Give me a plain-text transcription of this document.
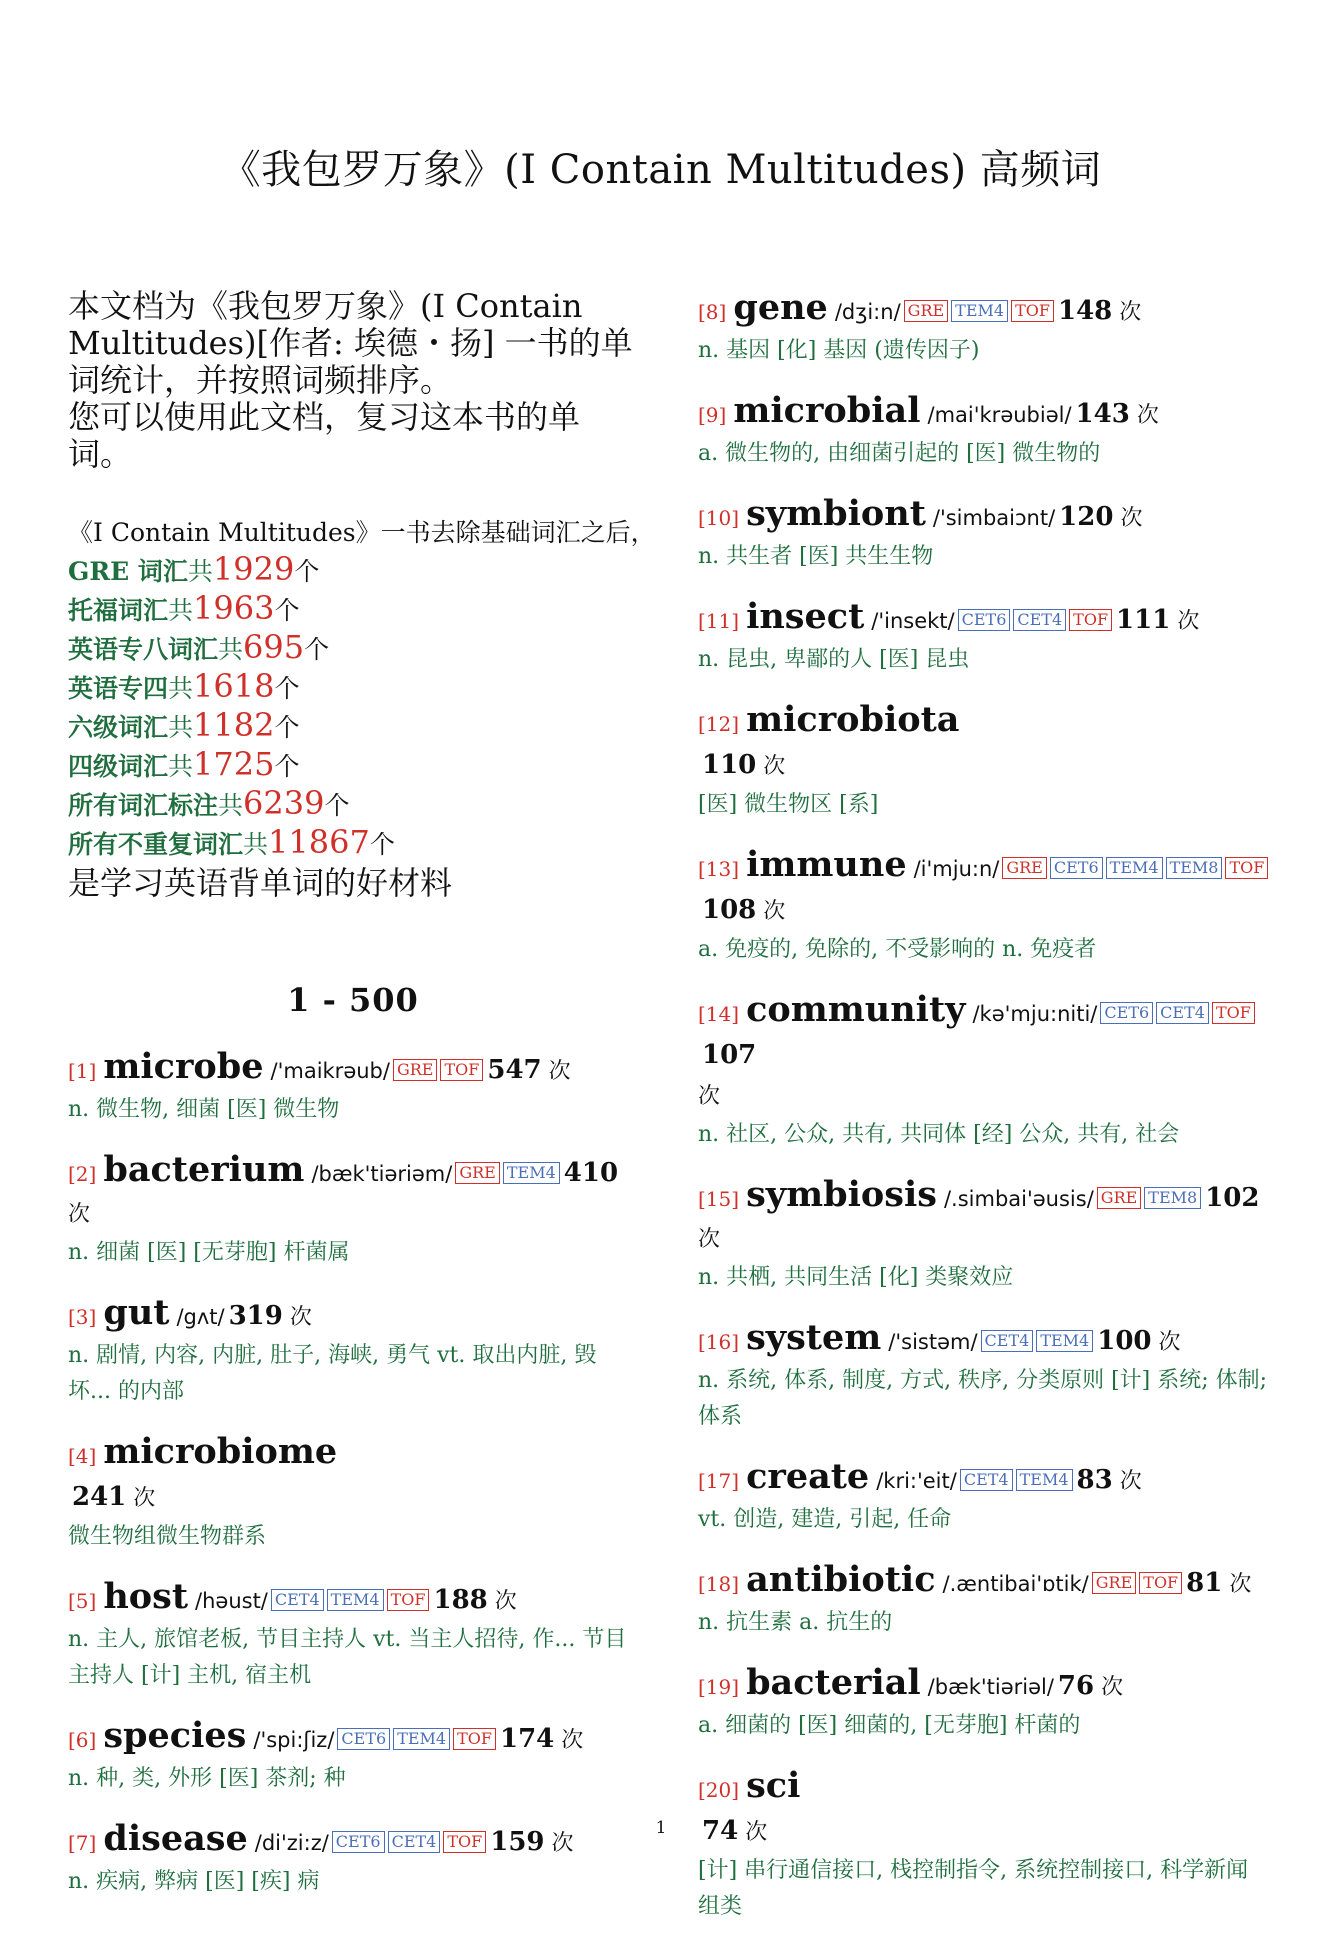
《我包罗万象》(I Contain Multitudes) 高频词
本文档为《我包罗万象》(I Contain
Multitudes)[作者: 埃德・扬] 一书的单
词统计，并按照词频排序。
您可以使用此文档，复习这本书的单
词。
《I Contain Multitudes》一书去除基础词汇之后，
GRE 词汇共1929个
托福词汇共1963个
英语专八词汇共695个
英语专四共1618个
六级词汇共1182个
四级词汇共1725个
所有词汇标注共6239个
所有不重复词汇共11867个
是学习英语背单词的好材料
1 - 500
[1] microbe /'maikrəub/ GRE TOF 547 次
n. 微生物, 细菌 [医] 微生物
[2] bacterium /bæk'tiəriəm/ GRE TEM4 410 次
n. 细菌 [医] [无芽胞] 杆菌属
[3] gut /gʌt/ 319 次
n. 剧情, 内容, 内脏, 肚子, 海峡, 勇气 vt. 取出内脏, 毁坏... 的内部
[4] microbiome
241 次
微生物组微生物群系
[5] host /həust/ CET4 TEM4 TOF 188 次
n. 主人, 旅馆老板, 节目主持人 vt. 当主人招待, 作... 节目主持人 [计] 主机, 宿主机
[6] species /'spi:ʃiz/ CET6 TEM4 TOF 174 次
n. 种, 类, 外形 [医] 茶剂; 种
[7] disease /di'zi:z/ CET6 CET4 TOF 159 次
n. 疾病, 弊病 [医] [疾] 病
[8] gene /dʒi:n/ GRE TEM4 TOF 148 次
n. 基因 [化] 基因 (遗传因子)
[9] microbial /mai'krəubiəl/ 143 次
a. 微生物的, 由细菌引起的 [医] 微生物的
[10] symbiont /'simbaiɔnt/ 120 次
n. 共生者 [医] 共生生物
[11] insect /'insekt/ CET6 CET4 TOF 111 次
n. 昆虫, 卑鄙的人 [医] 昆虫
[12] microbiota
110 次
[医] 微生物区 [系]
[13] immune /i'mju:n/ GRE CET6 TEM4 TEM8 TOF
108 次
a. 免疫的, 免除的, 不受影响的 n. 免疫者
[14] community /kə'mju:niti/ CET6 CET4 TOF107
次
n. 社区, 公众, 共有, 共同体 [经] 公众, 共有, 社会
[15] symbiosis /.simbai'əusis/ GRE TEM8 102 次
n. 共栖, 共同生活 [化] 类聚效应
[16] system /'sistəm/ CET4 TEM4 100 次
n. 系统, 体系, 制度, 方式, 秩序, 分类原则 [计] 系统; 体制; 体系
[17] create /kri:'eit/ CET4 TEM4 83 次
vt. 创造, 建造, 引起, 任命
[18] antibiotic /.æntibai'ɒtik/ GRE TOF 81 次
n. 抗生素 a. 抗生的
[19] bacterial /bæk'tiəriəl/ 76 次
a. 细菌的 [医] 细菌的, [无芽胞] 杆菌的
[20] sci
74 次
[计] 串行通信接口, 栈控制指令, 系统控制接口, 科学新闻组类
1
